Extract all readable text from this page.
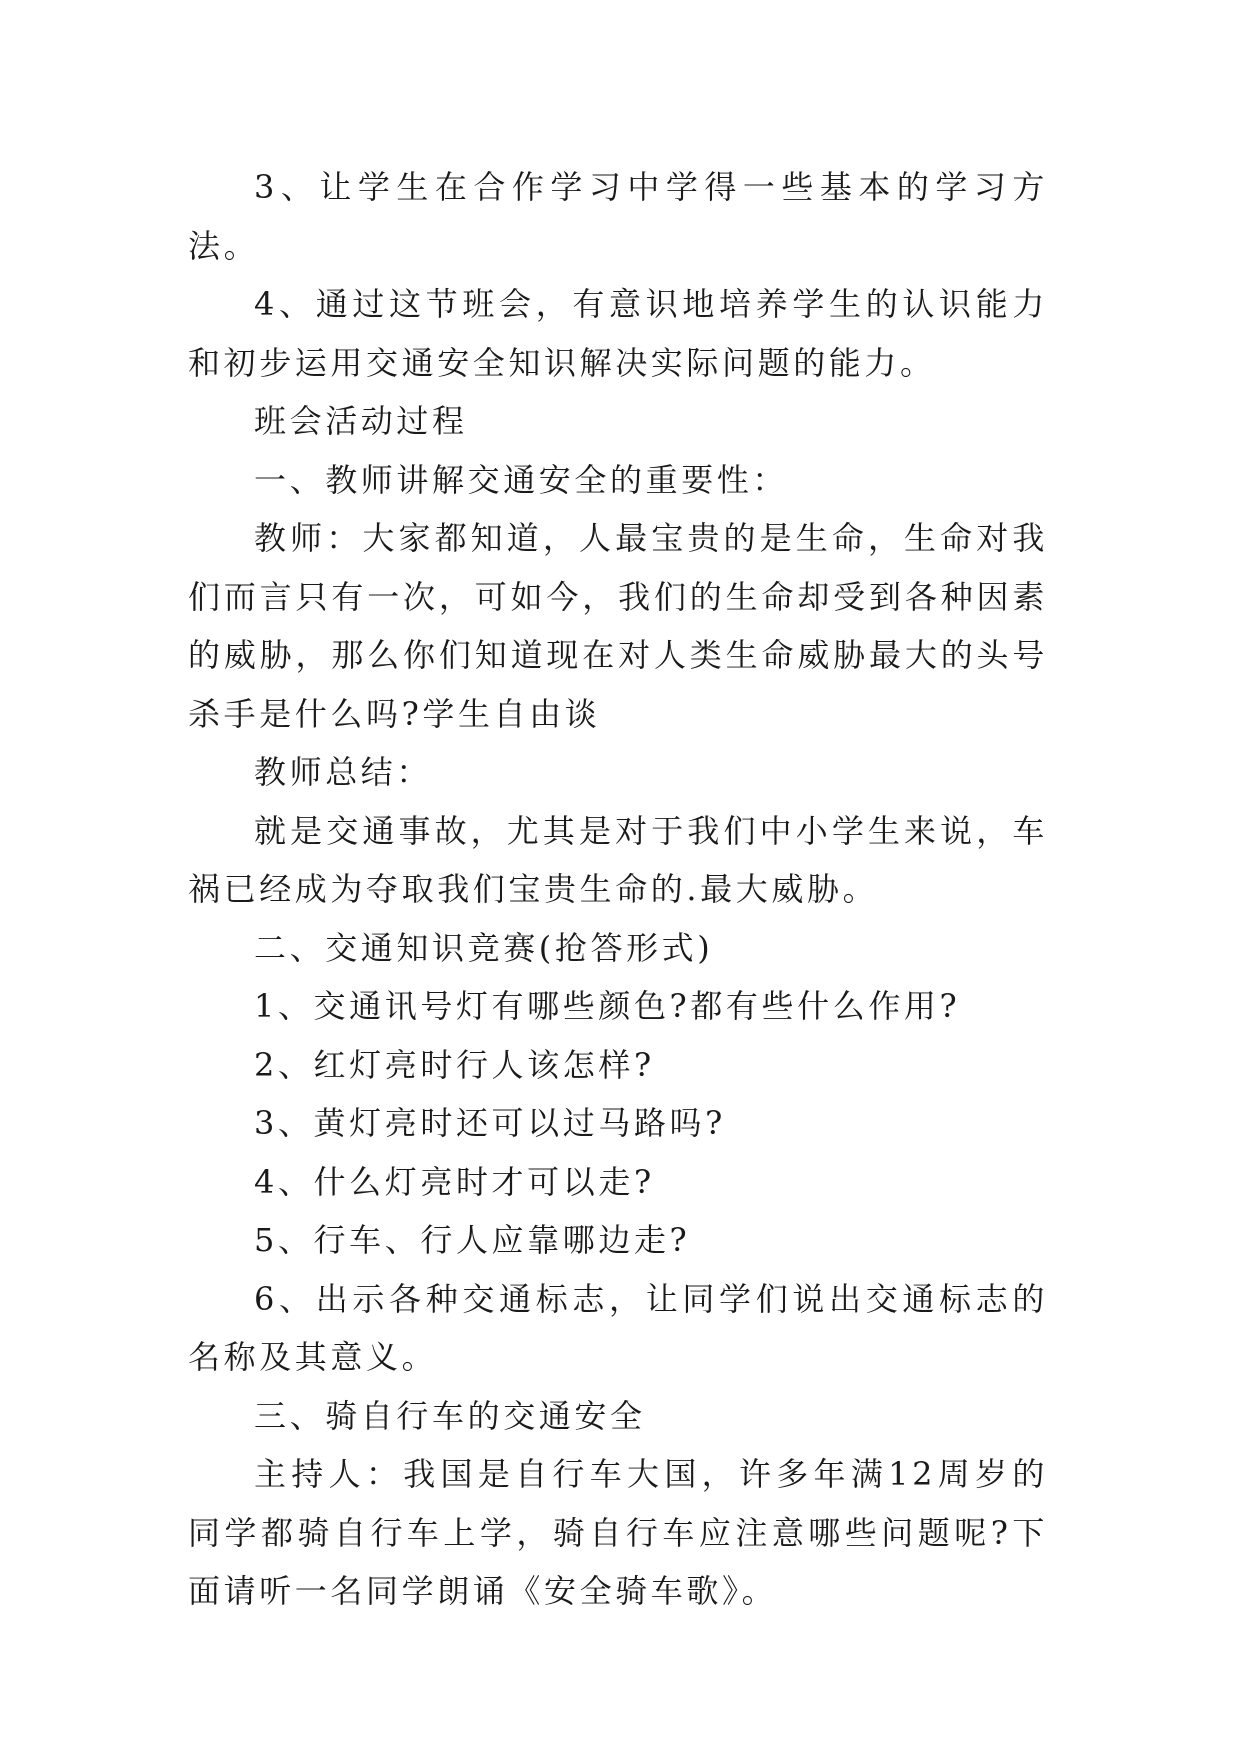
3、让学生在合作学习中学得一些基本的学习方法。

4、通过这节班会，有意识地培养学生的认识能力和初步运用交通安全知识解决实际问题的能力。

班会活动过程

一、教师讲解交通安全的重要性：

教师：大家都知道，人最宝贵的是生命，生命对我们而言只有一次，可如今，我们的生命却受到各种因素的威胁，那么你们知道现在对人类生命威胁最大的头号杀手是什么吗?学生自由谈

教师总结：

就是交通事故，尤其是对于我们中小学生来说，车祸已经成为夺取我们宝贵生命的.最大威胁。

二、交通知识竞赛(抢答形式)

1、交通讯号灯有哪些颜色?都有些什么作用?

2、红灯亮时行人该怎样?

3、黄灯亮时还可以过马路吗?

4、什么灯亮时才可以走?

5、行车、行人应靠哪边走?

6、出示各种交通标志，让同学们说出交通标志的名称及其意义。

三、骑自行车的交通安全

主持人：我国是自行车大国，许多年满12周岁的同学都骑自行车上学，骑自行车应注意哪些问题呢?下面请听一名同学朗诵《安全骑车歌》。
